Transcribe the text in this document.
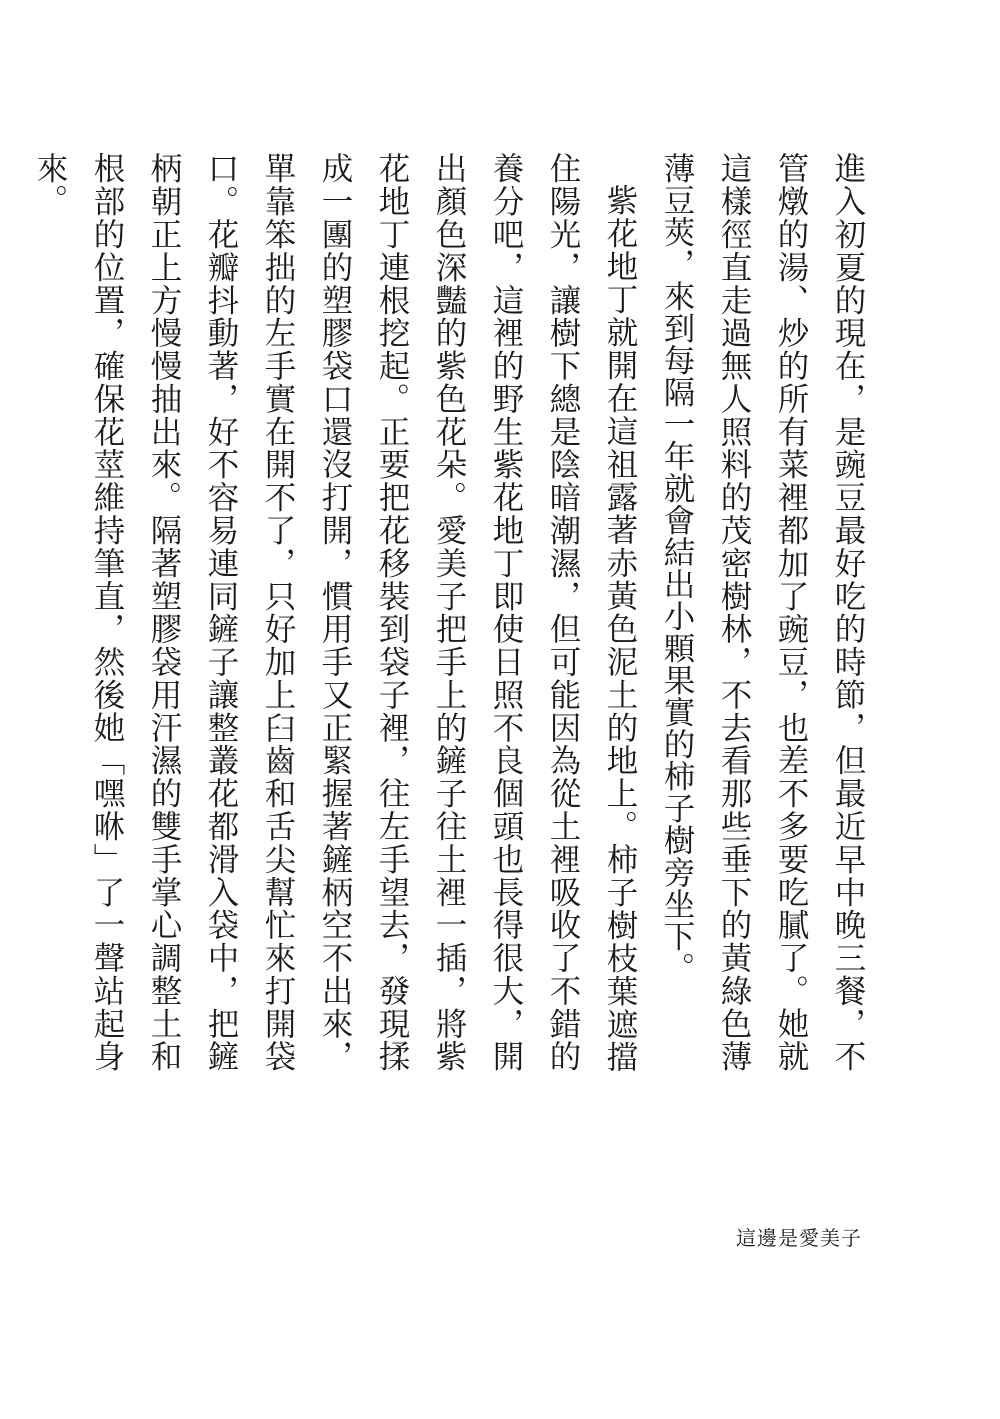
進入初夏的現在，是豌豆最好吃的時節，但最近早中晚三餐，不管燉的湯、炒的所有菜裡都加了豌豆，也差不多要吃膩了。她就這樣徑直走過無人照料的茂密樹林，不去看那些垂下的黃綠色薄薄豆莢，來到每隔一年就會結出小顆果實的柿子樹旁坐下。

紫花地丁就開在這祖露著赤黃色泥土的地上。柿子樹枝葉遮擋住陽光，讓樹下總是陰暗潮濕，但可能因為從土裡吸收了不錯的養分吧，這裡的野生紫花地丁即使日照不良個頭也長得很大，開出顏色深豔的紫色花朵。愛美子把手上的鏟子往土裡一插，將紫花地丁連根挖起。正要把花移裝到袋子裡，往左手望去，發現揉成一團的塑膠袋口還沒打開，慣用手又正緊握著鏟柄空不出來，單靠笨拙的左手實在開不了，只好加上臼齒和舌尖幫忙來打開袋口。花瓣抖動著，好不容易連同鏟子讓整叢花都滑入袋中，把鏟柄朝正上方慢慢抽出來。隔著塑膠袋用汗濕的雙手掌心調整土和根部的位置，確保花莖維持筆直，然後她「嘿咻」了一聲站起身來。

這邊是愛美子
